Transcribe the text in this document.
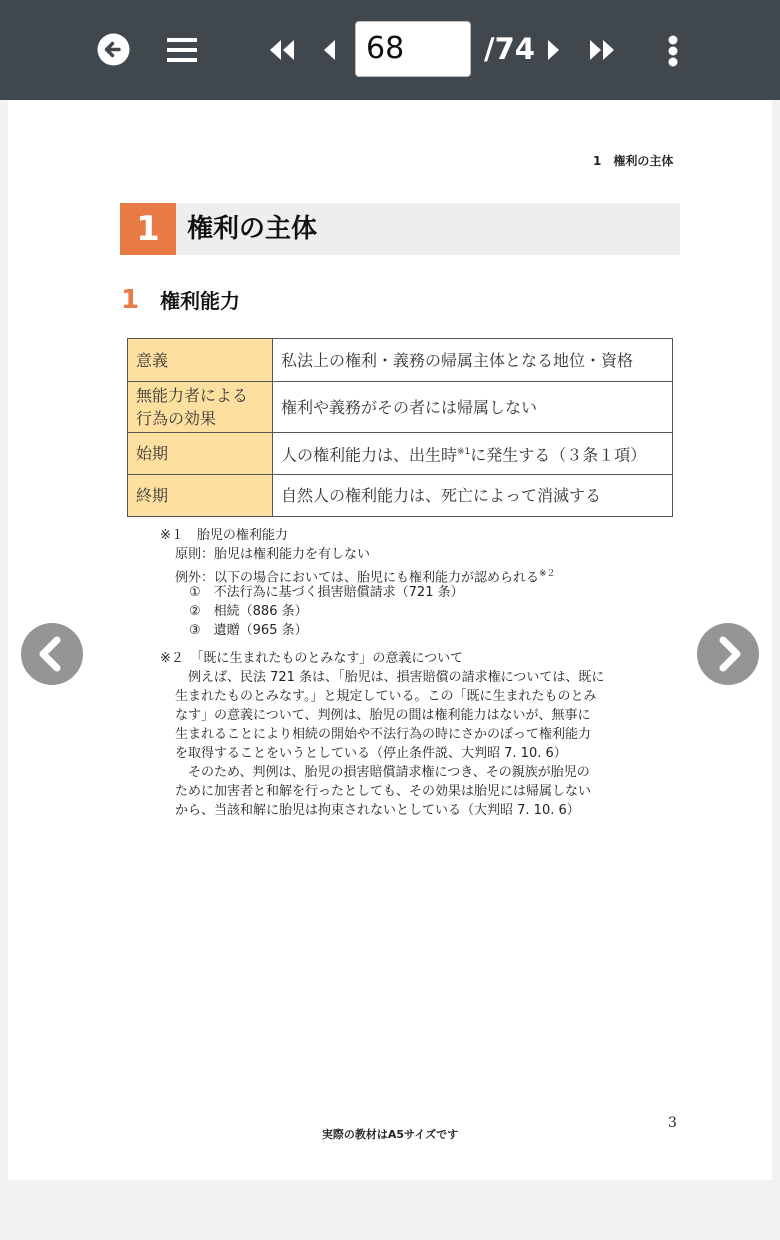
68	/74
1　権利の主体
1	権利の主体
1 権利能力
意義	私法上の権利・義務の帰属主体となる地位・資格
無能力者による
行為の効果	権利や義務がその者には帰属しない
始期	人の権利能力は、出生時$^{※1}$に発生する（３条１項）
終期	自然人の権利能力は、死亡によって消滅する
※１　胎児の権利能力
原則：胎児は権利能力を有しない
例外：以下の場合においては、胎児にも権利能力が認められる$^{※2}$
①　不法行為に基づく損害賠償請求（721 条）
②　相続（886 条）
③　遺贈（965 条）
※２　「既に生まれたものとみなす」の意義について
　例えば、民法 721 条は、「胎児は、損害賠償の請求権については、既に
生まれたものとみなす。」と規定している。この「既に生まれたものとみ
なす」の意義について、判例は、胎児の間は権利能力はないが、無事に
生まれることにより相続の開始や不法行為の時にさかのぼって権利能力
を取得することをいうとしている（停止条件説、大判昭 7. 10. 6）
　そのため、判例は、胎児の損害賠償請求権につき、その親族が胎児の
ために加害者と和解を行ったとしても、その効果は胎児には帰属しない
から、当該和解に胎児は拘束されないとしている（大判昭 7. 10. 6）
3
実際の教材はA5サイズです
